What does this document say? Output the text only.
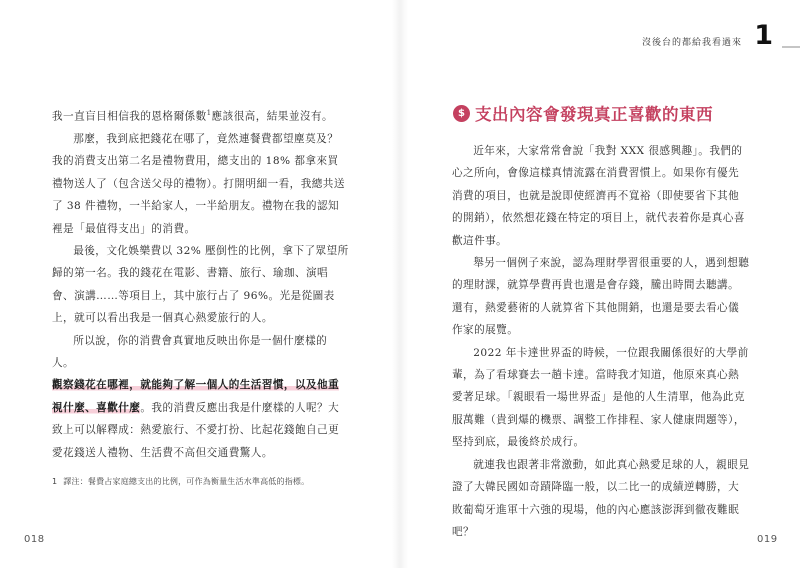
我一直盲目相信我的恩格爾係數$^1$應該很高，結果並沒有。

那麼，我到底把錢花在哪了，竟然連餐費都望塵莫及？我的消費支出第二名是禮物費用，總支出的 18% 都拿來買禮物送人了（包含送父母的禮物）。打開明細一看，我總共送了 38 件禮物，一半給家人，一半給朋友。禮物在我的認知裡是「最值得支出」的消費。

最後，文化娛樂費以 32% 壓倒性的比例，拿下了眾望所歸的第一名。我的錢花在電影、書籍、旅行、瑜珈、演唱會、演講……等項目上，其中旅行占了 96%。光是從圖表上，就可以看出我是一個真心熱愛旅行的人。

所以說，你的消費會真實地反映出你是一個什麼樣的人。

觀察錢花在哪裡，就能夠了解一個人的生活習慣，以及他重視什麼、喜歡什麼。我的消費反應出我是什麼樣的人呢？大致上可以解釋成：熱愛旅行、不愛打扮、比起花錢飽自己更愛花錢送人禮物、生活費不高但交通費驚人。

1 譯注：餐費占家庭總支出的比例，可作為衡量生活水準高低的指標。
018
沒後台的都給我看過來 1
$ 支出內容會發現真正喜歡的東西

近年來，大家常常會說「我對 XXX 很感興趣」。我們的心之所向，會像這樣真情流露在消費習慣上。如果你有優先消費的項目，也就是說即使經濟再不寬裕（即使要省下其他的開銷），依然想花錢在特定的項目上，就代表着你是真心喜歡這件事。

舉另一個例子來說，認為理財學習很重要的人，遇到想聽的理財課，就算學費再貴也還是會存錢，騰出時間去聽講。還有，熱愛藝術的人就算省下其他開銷，也還是要去看心儀作家的展覽。

2022 年卡達世界盃的時候，一位跟我關係很好的大學前輩，為了看球賽去一趟卡達。當時我才知道，他原來真心熱愛著足球。「親眼看一場世界盃」是他的人生清單，他為此克服萬難（貴到爆的機票、調整工作排程、家人健康問題等），堅持到底，最後終於成行。

就連我也跟著非常激動，如此真心熱愛足球的人，親眼見證了大韓民國如奇蹟降臨一般，以二比一的成績逆轉勝，大敗葡萄牙進軍十六強的現場，他的內心應該澎湃到徹夜難眠吧？

019
